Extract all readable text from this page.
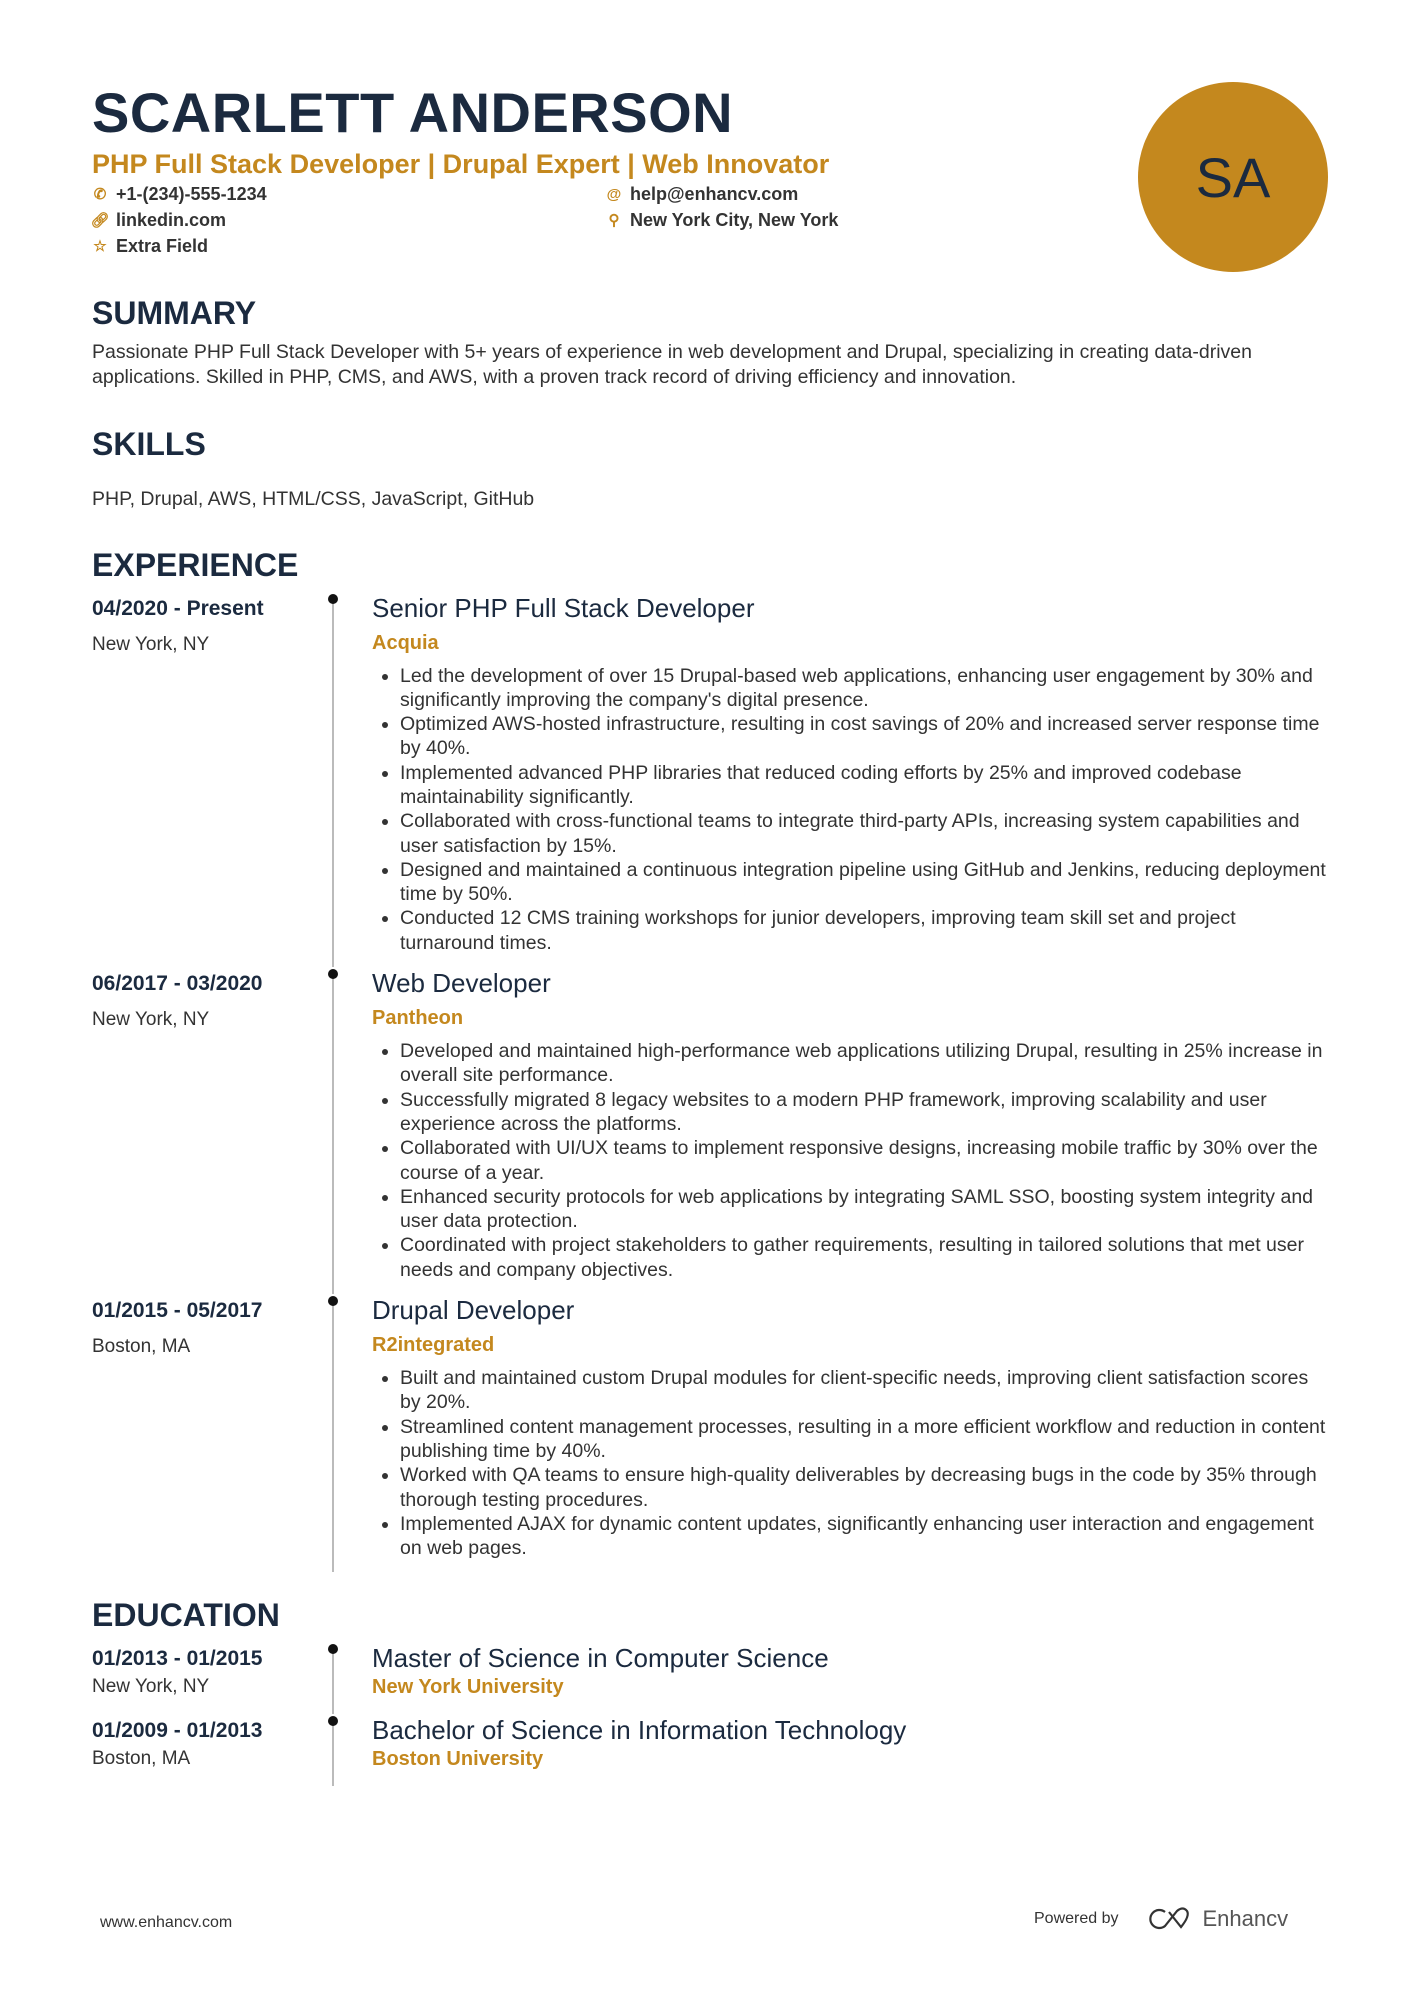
SCARLETT ANDERSON
PHP Full Stack Developer | Drupal Expert | Web Innovator
✆ +1-(234)-555-1234	@ help@enhancv.com
🔗︎ linkedin.com	⚲ New York City, New York
☆ Extra Field
SUMMARY
Passionate PHP Full Stack Developer with 5+ years of experience in web development and Drupal, specializing in creating data-driven applications. Skilled in PHP, CMS, and AWS, with a proven track record of driving efficiency and innovation.
SKILLS
PHP, Drupal, AWS, HTML/CSS, JavaScript, GitHub
EXPERIENCE
04/2020 - Present
New York, NY
Senior PHP Full Stack Developer
Acquia
• Led the development of over 15 Drupal-based web applications, enhancing user engagement by 30% and significantly improving the company's digital presence.
• Optimized AWS-hosted infrastructure, resulting in cost savings of 20% and increased server response time by 40%.
• Implemented advanced PHP libraries that reduced coding efforts by 25% and improved codebase maintainability significantly.
• Collaborated with cross-functional teams to integrate third-party APIs, increasing system capabilities and user satisfaction by 15%.
• Designed and maintained a continuous integration pipeline using GitHub and Jenkins, reducing deployment time by 50%.
• Conducted 12 CMS training workshops for junior developers, improving team skill set and project turnaround times.
06/2017 - 03/2020
New York, NY
Web Developer
Pantheon
• Developed and maintained high-performance web applications utilizing Drupal, resulting in 25% increase in overall site performance.
• Successfully migrated 8 legacy websites to a modern PHP framework, improving scalability and user experience across the platforms.
• Collaborated with UI/UX teams to implement responsive designs, increasing mobile traffic by 30% over the course of a year.
• Enhanced security protocols for web applications by integrating SAML SSO, boosting system integrity and user data protection.
• Coordinated with project stakeholders to gather requirements, resulting in tailored solutions that met user needs and company objectives.
01/2015 - 05/2017
Boston, MA
Drupal Developer
R2integrated
• Built and maintained custom Drupal modules for client-specific needs, improving client satisfaction scores by 20%.
• Streamlined content management processes, resulting in a more efficient workflow and reduction in content publishing time by 40%.
• Worked with QA teams to ensure high-quality deliverables by decreasing bugs in the code by 35% through thorough testing procedures.
• Implemented AJAX for dynamic content updates, significantly enhancing user interaction and engagement on web pages.
EDUCATION
01/2013 - 01/2015
New York, NY
Master of Science in Computer Science
New York University
01/2009 - 01/2013
Boston, MA
Bachelor of Science in Information Technology
Boston University
SA
www.enhancv.com	Powered by	Enhancv
